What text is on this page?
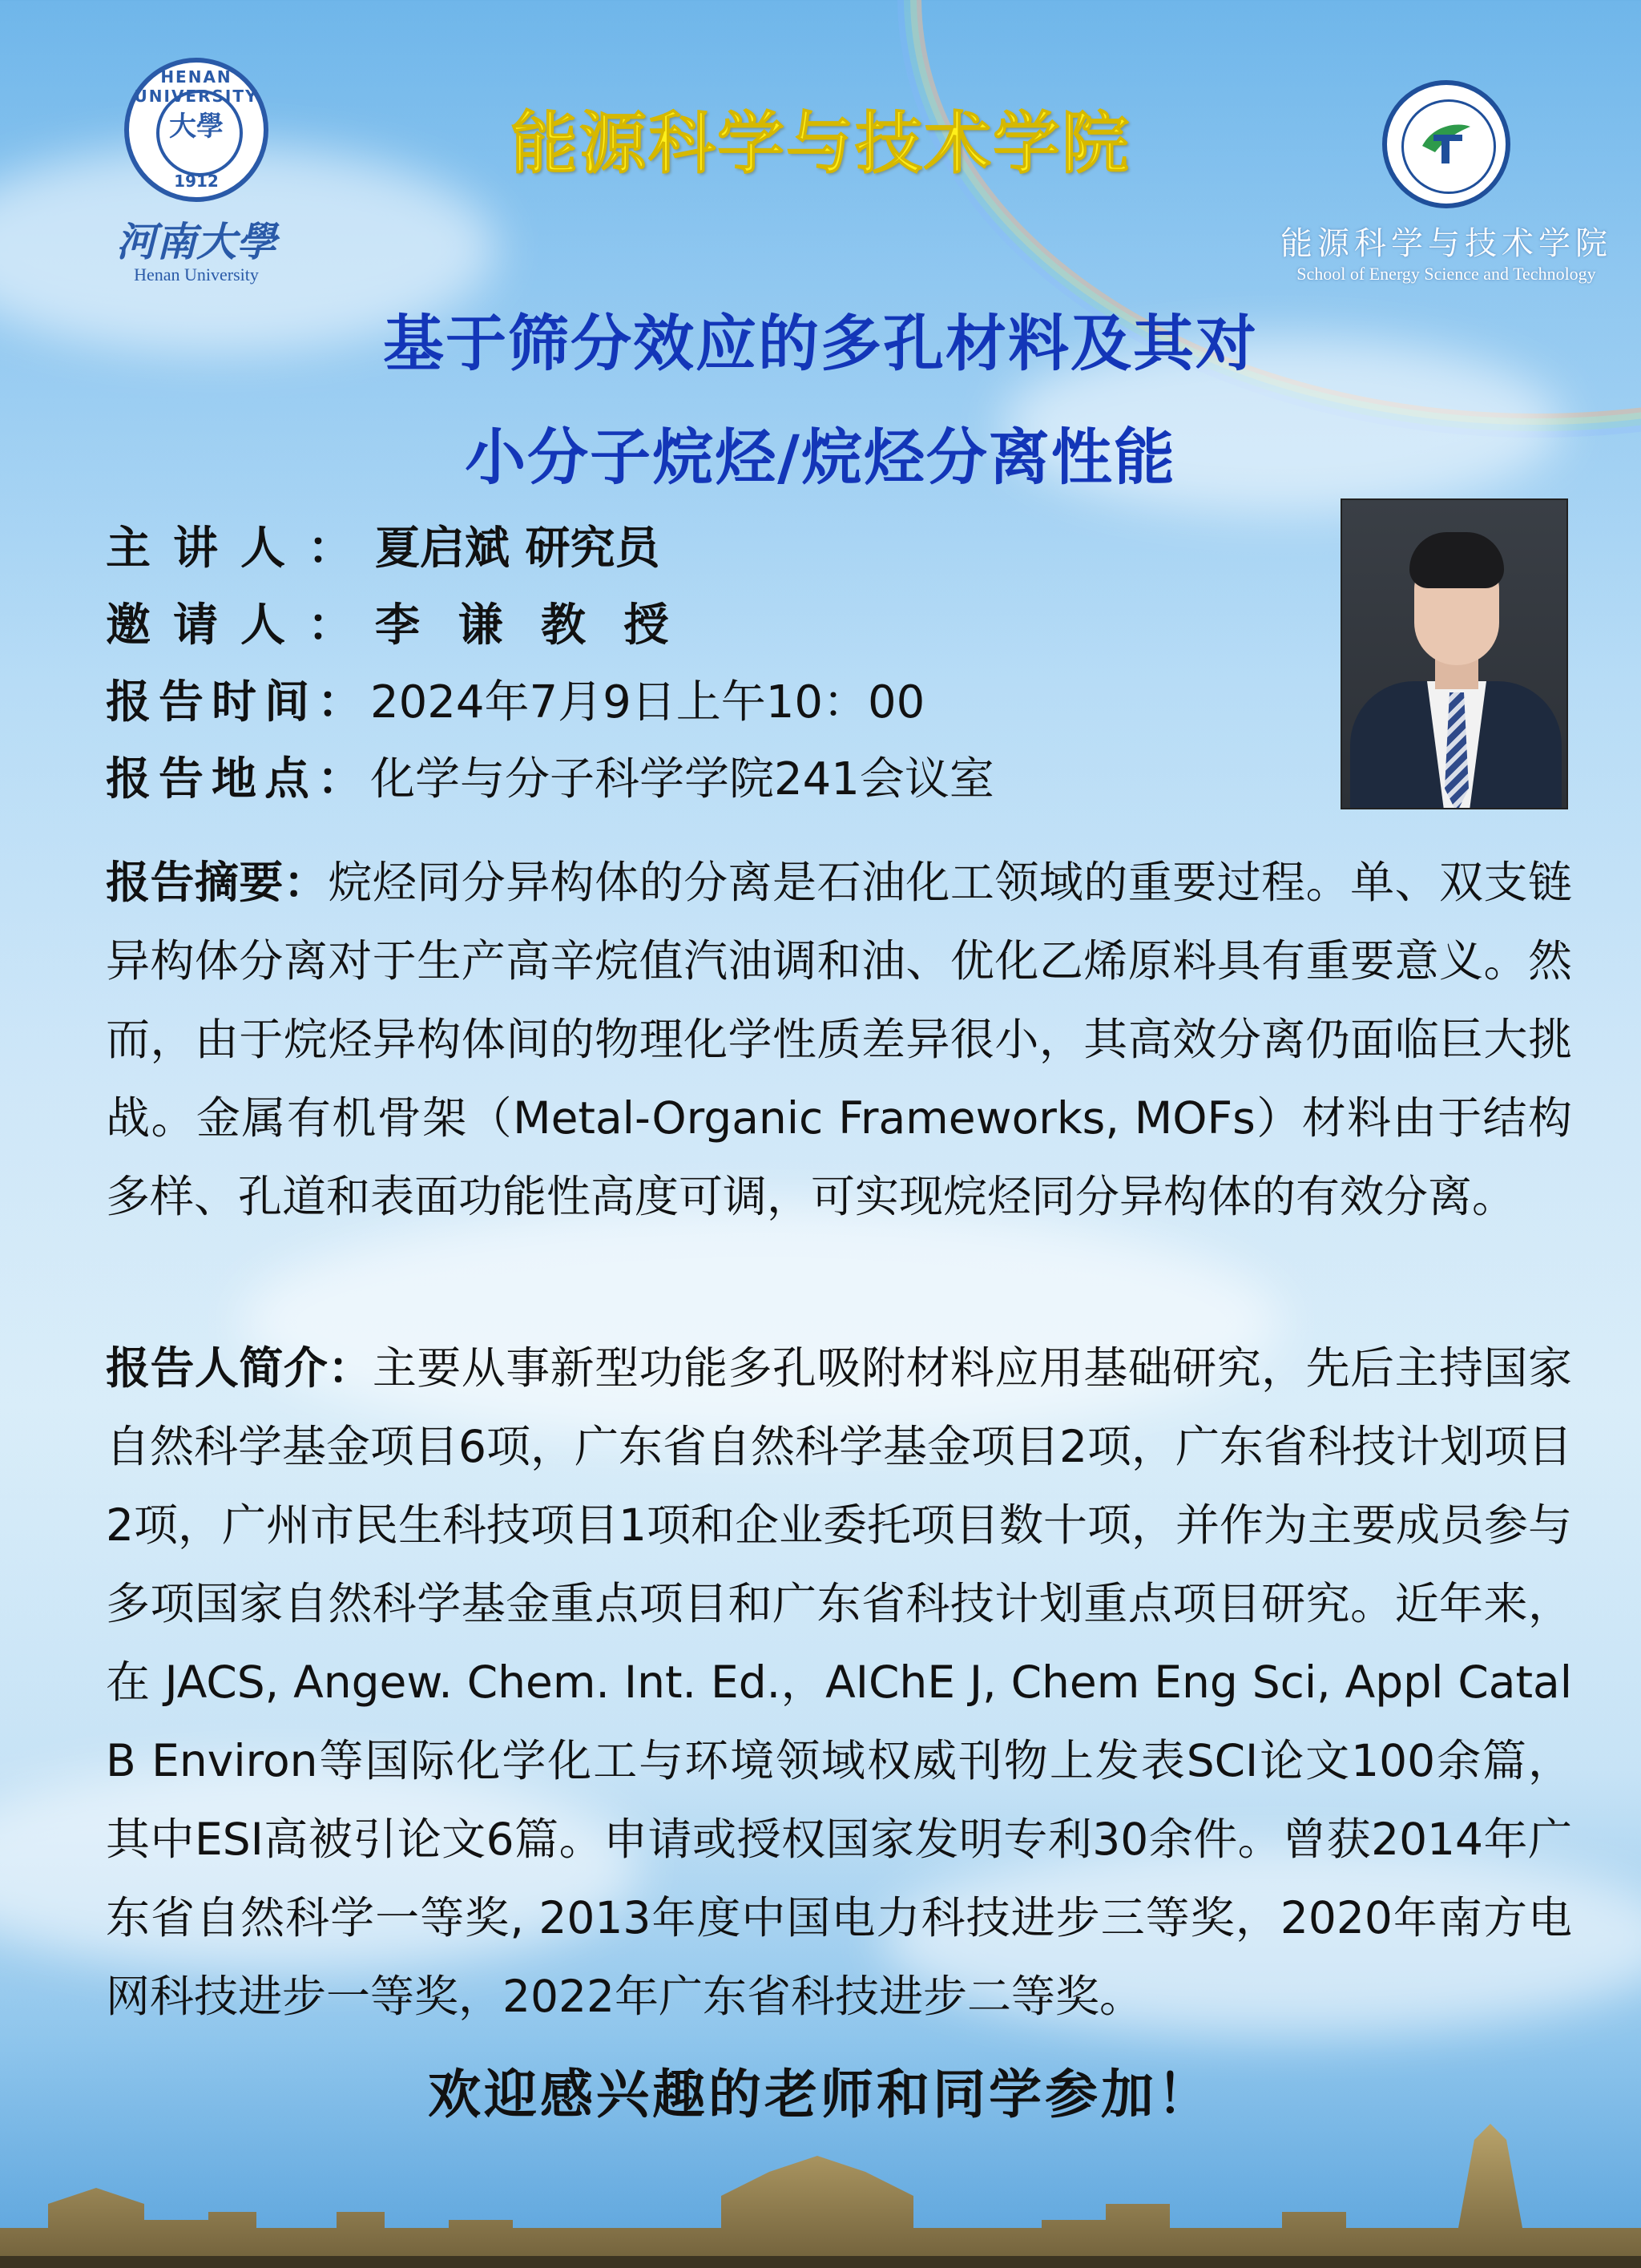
HENAN UNIVERSITY
大學
1912
河南大學
Henan University
能源科学与技术学院
能源科学与技术学院
School of Energy Science and Technology
基于筛分效应的多孔材料及其对
小分子烷烃/烷烃分离性能
主讲人：夏启斌 研究员
邀请人：李 谦 教 授
报告时间：2024年7月9日上午10：00
报告地点：化学与分子科学学院241会议室
报告摘要：烷烃同分异构体的分离是石油化工领域的重要过程。单、双支链异构体分离对于生产高辛烷值汽油调和油、优化乙烯原料具有重要意义。然而，由于烷烃异构体间的物理化学性质差异很小，其高效分离仍面临巨大挑战。金属有机骨架（Metal-Organic Frameworks, MOFs）材料由于结构多样、孔道和表面功能性高度可调，可实现烷烃同分异构体的有效分离。
报告人简介：主要从事新型功能多孔吸附材料应用基础研究，先后主持国家自然科学基金项目6项，广东省自然科学基金项目2项，广东省科技计划项目2项，广州市民生科技项目1项和企业委托项目数十项，并作为主要成员参与多项国家自然科学基金重点项目和广东省科技计划重点项目研究。近年来，在 JACS, Angew. Chem. Int. Ed.，AIChE J, Chem Eng Sci, Appl Catal B Environ等国际化学化工与环境领域权威刊物上发表SCI论文100余篇，其中ESI高被引论文6篇。申请或授权国家发明专利30余件。曾获2014年广东省自然科学一等奖, 2013年度中国电力科技进步三等奖，2020年南方电网科技进步一等奖，2022年广东省科技进步二等奖。
欢迎感兴趣的老师和同学参加！
